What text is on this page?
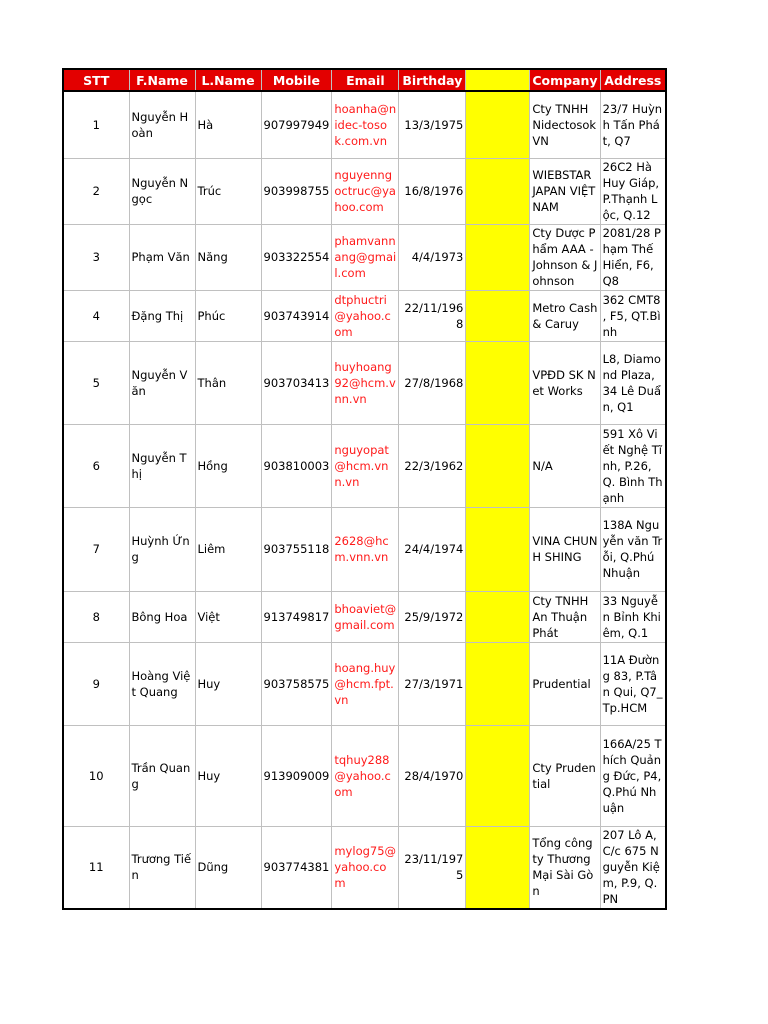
STT	F.Name	L.Name	Mobile	Email	Birthday		Company	Address
1	Nguyễn Hoàn	Hà	907997949	hoanha@nidec-tosok.com.vn	13/3/1975		Cty TNHH Nidectosok VN	23/7 Huỳnh Tấn Phát, Q7
2	Nguyễn Ngọc	Trúc	903998755	nguyenngoctruc@yahoo.com	16/8/1976		WIEBSTAR JAPAN VIỆT NAM	26C2 Hà Huy Giáp, P.Thạnh Lộc, Q.12
3	Phạm Văn	Năng	903322554	phamvannang@gmail.com	4/4/1973		Cty Dược Phẩm AAA - Johnson & Johnson	2081/28 Phạm Thế Hiển, F6, Q8
4	Đặng Thị	Phúc	903743914	dtphuctri@yahoo.com	22/11/1968		Metro Cash & Caruy	362 CMT8 , F5, QT.Bình
5	Nguyễn Văn	Thân	903703413	huyhoang92@hcm.vnn.vn	27/8/1968		VPĐD SK Net Works	L8, Diamond Plaza, 34 Lê Duẩn, Q1
6	Nguyễn Thị	Hồng	903810003	nguyopat@hcm.vnn.vn	22/3/1962		N/A	591 Xô Viết Nghệ Tĩnh, P.26, Q. Bình Thạnh
7	Huỳnh Ứng	Liêm	903755118	2628@hcm.vnn.vn	24/4/1974		VINA CHUNH SHING	138A Nguyễn văn Trỗi, Q.Phú Nhuận
8	Bông Hoa	Việt	913749817	bhoaviet@gmail.com	25/9/1972		Cty TNHH An Thuận Phát	33 Nguyễn Bỉnh Khiêm, Q.1
9	Hoàng Việt Quang	Huy	903758575	hoang.huy@hcm.fpt.vn	27/3/1971		Prudential	11A Đường 83, P.Tân Qui, Q7_Tp.HCM
10	Trần Quang	Huy	913909009	tqhuy288@yahoo.com	28/4/1970		Cty Prudential	166A/25 Thích Quảng Đức, P4, Q.Phú Nhuận
11	Trương Tiến	Dũng	903774381	mylog75@yahoo.com	23/11/1975		Tổng công ty Thương Mại Sài Gòn	207 Lô A, C/c 675 Nguyễn Kiệm, P.9, Q.PN
